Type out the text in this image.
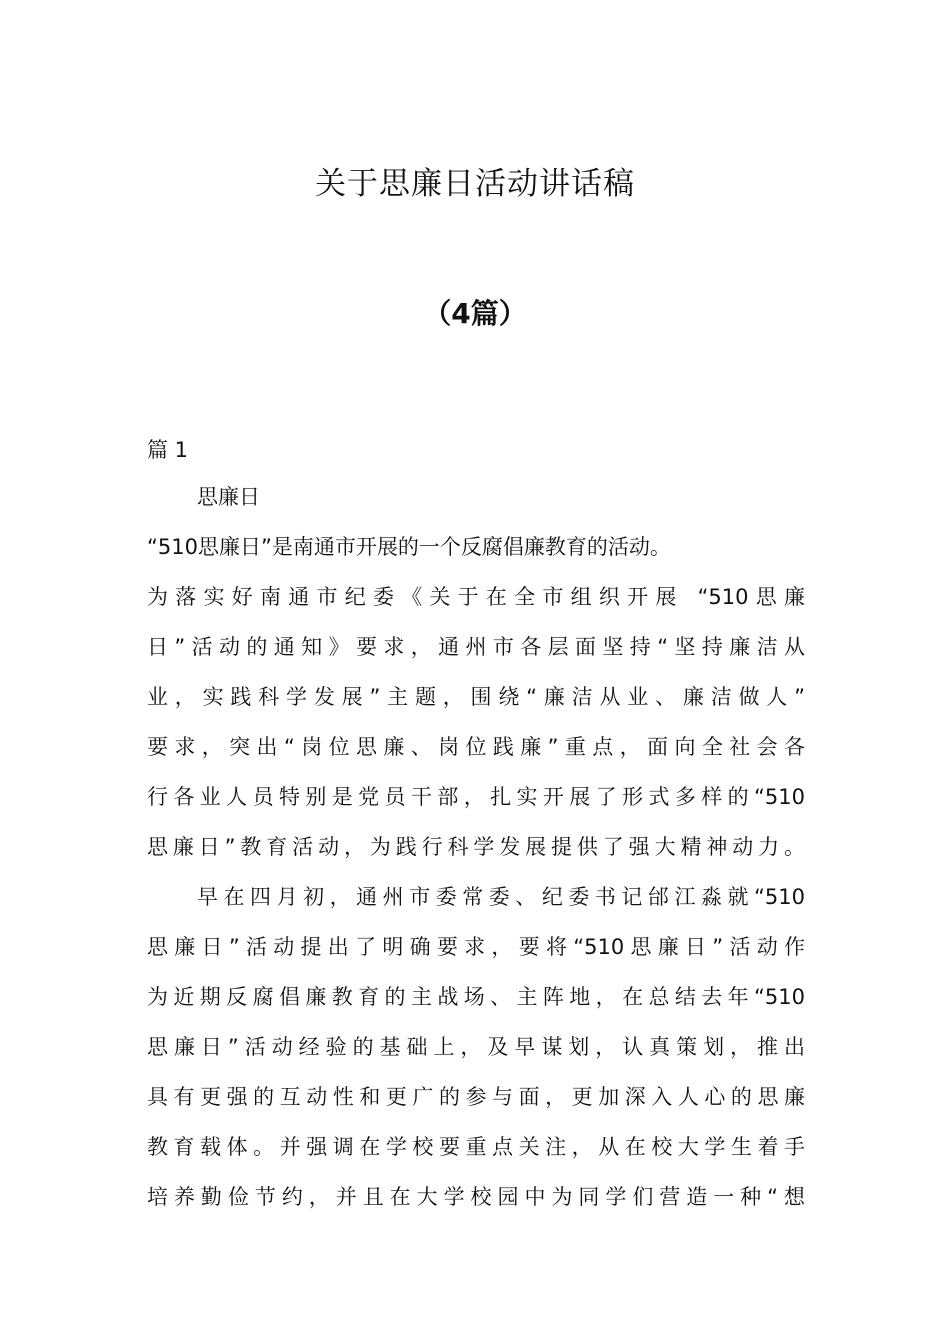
关于思廉日活动讲话稿
（4篇）
篇 1
思廉日
“510思廉日”是南通市开展的一个反腐倡廉教育的活动。
为落实好南通市纪委《关于在全市组织开展 “510思廉
日”活动的通知》要求，通州市各层面坚持“坚持廉洁从
业，实践科学发展”主题，围绕“廉洁从业、廉洁做人”
要求，突出“岗位思廉、岗位践廉”重点，面向全社会各
行各业人员特别是党员干部，扎实开展了形式多样的“510
思廉日”教育活动，为践行科学发展提供了强大精神动力。
早在四月初，通州市委常委、纪委书记邰江淼就“510
思廉日”活动提出了明确要求，要将“510思廉日”活动作
为近期反腐倡廉教育的主战场、主阵地，在总结去年“510
思廉日”活动经验的基础上，及早谋划，认真策划，推出
具有更强的互动性和更广的参与面，更加深入人心的思廉
教育载体。并强调在学校要重点关注，从在校大学生着手
培养勤俭节约，并且在大学校园中为同学们营造一种“想
